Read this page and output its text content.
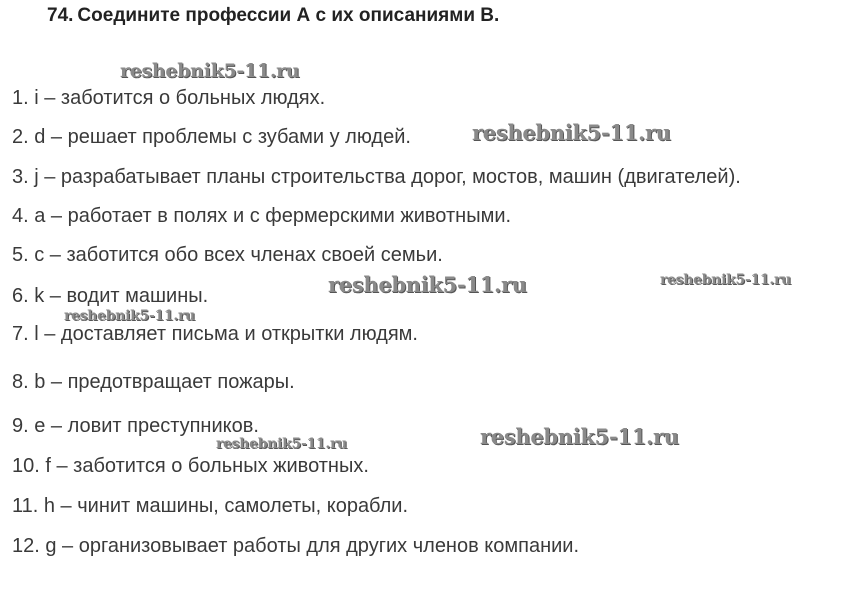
74. Соедините профессии А с их описаниями В.
1. i – заботится о больных людях.
2. d – решает проблемы с зубами у людей.
3. j – разрабатывает планы строительства дорог, мостов, машин (двигателей).
4. a – работает в полях и с фермерскими животными.
5. c – заботится обо всех членах своей семьи.
6. k – водит машины.
7. l – доставляет письма и открытки людям.
8. b – предотвращает пожары.
9. e – ловит преступников.
10. f – заботится о больных животных.
11. h – чинит машины, самолеты, корабли.
12. g – организовывает работы для других членов компании.
reshebnik5-11.ru
reshebnik5-11.ru
reshebnik5-11.ru	reshebnik5-11.ru
reshebnik5-11.ru
reshebnik5-11.ru	reshebnik5-11.ru
